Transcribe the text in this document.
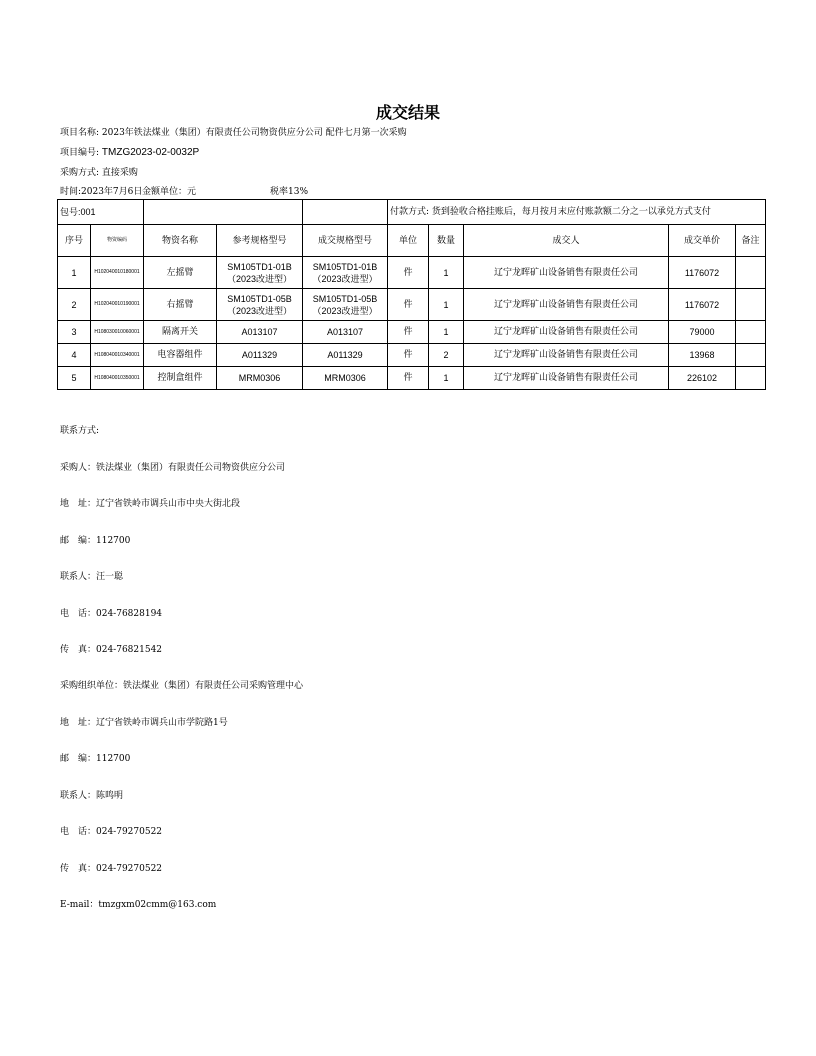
成交结果
项目名称: 2023年铁法煤业（集团）有限责任公司物资供应分公司 配件七月第一次采购
项目编号: TMZG2023-02-0032P
采购方式: 直接采购
时间:2023年7月6日金额单位：元	税率13%
包号:001					付款方式: 货到验收合格挂账后，每月按月末应付账款额二分之一以承兑方式支付				
序号	物资编码	物资名称	参考规格型号	成交规格型号	单位	数量	成交人	成交单价	备注
1	H102040010180001	左摇臂	SM105TD1-01B（2023改进型）	SM105TD1-01B（2023改进型）	件	1	辽宁龙晖矿山设备销售有限责任公司	1176072	
2	H102040010190001	右摇臂	SM105TD1-05B（2023改进型）	SM105TD1-05B（2023改进型）	件	1	辽宁龙晖矿山设备销售有限责任公司	1176072	
3	H108030010060001	隔离开关	A013107	A013107	件	1	辽宁龙晖矿山设备销售有限责任公司	79000	
4	H108040010340001	电容器组件	A011329	A011329	件	2	辽宁龙晖矿山设备销售有限责任公司	13968	
5	H108040010350001	控制盒组件	MRM0306	MRM0306	件	1	辽宁龙晖矿山设备销售有限责任公司	226102	

联系方式:

采购人：铁法煤业（集团）有限责任公司物资供应分公司

地　址：辽宁省铁岭市调兵山市中央大街北段

邮　编：112700

联系人：汪一聪

电　话：024-76828194

传　真：024-76821542

采购组织单位：铁法煤业（集团）有限责任公司采购管理中心

地　址：辽宁省铁岭市调兵山市学院路1号

邮　编：112700

联系人：陈鸣明

电　话：024-79270522

传　真：024-79270522

E-mail：tmzgxm02cmm@163.com
